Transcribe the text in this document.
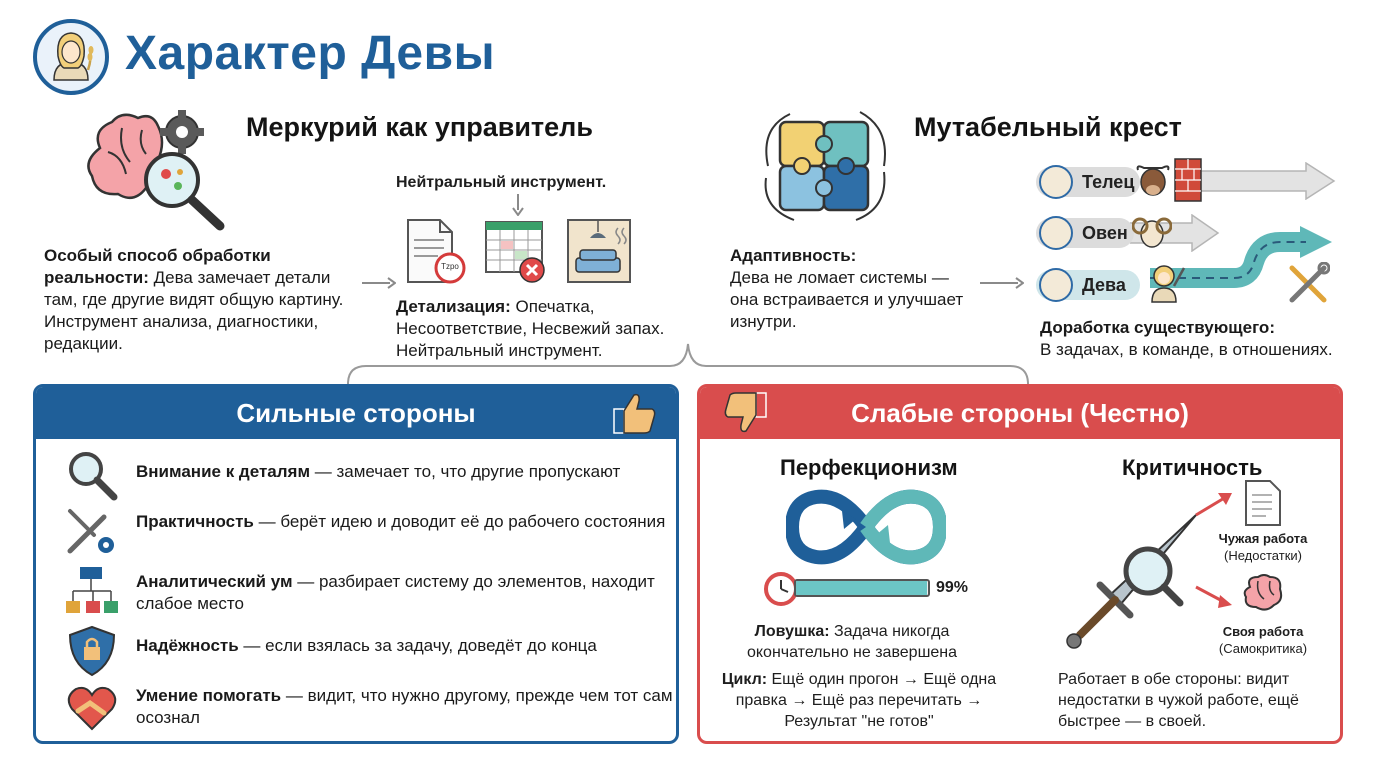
Характер Девы
Меркурий как управитель
Особый способ обработки реальности: Дева замечает детали там, где другие видят общую картину. Инструмент анализа, диагностики, редакции.
Нейтральный инструмент.
Tzpo
Детализация: Опечатка, Несоответствие, Несвежий запах.
Нейтральный инструмент.
Мутабельный крест
Адаптивность:
Дева не ломает системы — она встраивается и улучшает изнутри.
Телец
Овен
Дева
Доработка существующего:
В задачах, в команде, в отношениях.
Сильные стороны
Внимание к деталям — замечает то, что другие пропускают
Практичность — берёт идею и доводит её до рабочего состояния
Аналитический ум — разбирает систему до элементов, находит слабое место
Надёжность — если взялась за задачу, доведёт до конца
Умение помогать — видит, что нужно другому, прежде чем тот сам осознал
Слабые стороны (Честно)
Перфекционизм
99%
Ловушка: Задача никогда окончательно не завершена
Цикл: Ещё один прогон → Ещё одна правка → Ещё раз перечитать → Результат "не готов"
Критичность
Чужая работа
(Недостатки)
Своя работа
(Самокритика)
Работает в обе стороны: видит недостатки в чужой работе, ещё быстрее — в своей.
